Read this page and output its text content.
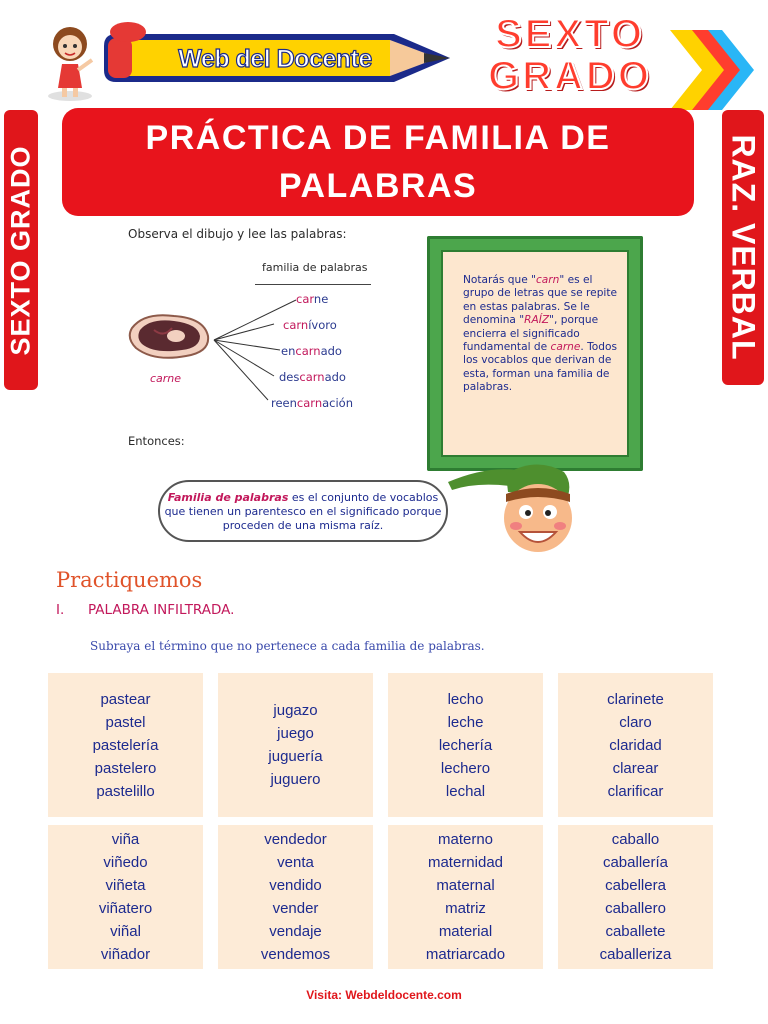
Web del Docente
SEXTO
GRADO
SEXTO GRADO	RAZ. VERBAL
PRÁCTICA DE FAMILIA DE PALABRAS
Observa el dibujo y lee las palabras:
familia de palabras
carne
carne
carnívoro
encarnado
descarnado
reencarnación
Entonces:
Notarás que "carn" es el grupo de letras que se repite en estas palabras. Se le denomina "RAÍZ", porque encierra el significado fundamental de carne. Todos los vocablos que derivan de esta, forman una familia de palabras.
Familia de palabras es el conjunto de vocablos que tienen un parentesco en el significado porque proceden de una misma raíz.
Practiquemos
I. PALABRA INFILTRADA.
Subraya el término que no pertenece a cada familia de palabras.
pastear
pastel
pastelería
pastelero
pastelillo
jugazo
juego
juguería
juguero
lecho
leche
lechería
lechero
lechal
clarinete
claro
claridad
clarear
clarificar
viña
viñedo
viñeta
viñatero
viñal
viñador
vendedor
venta
vendido
vender
vendaje
vendemos
materno
maternidad
maternal
matriz
material
matriarcado
caballo
caballería
cabellera
caballero
caballete
caballeriza
Visita: Webdeldocente.com
